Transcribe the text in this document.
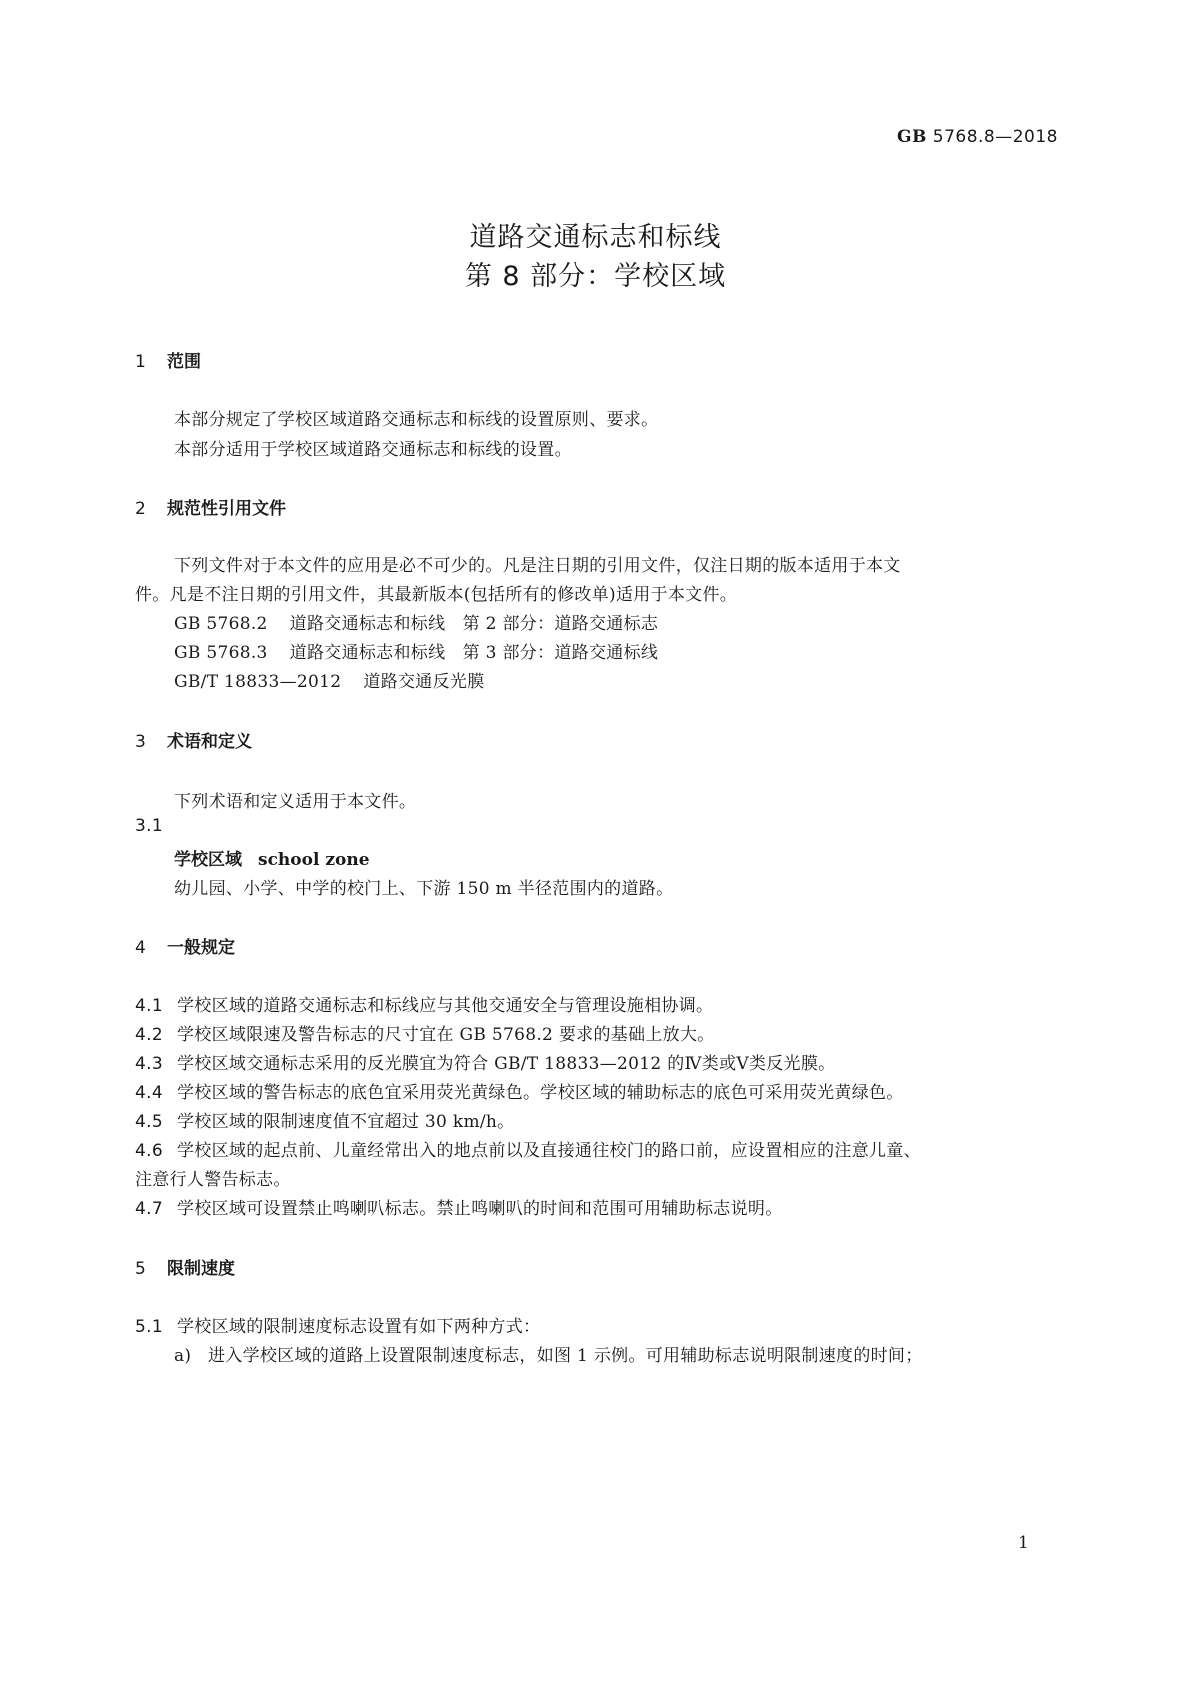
GB 5768.8—2018
道路交通标志和标线
第 8 部分：学校区域
1 范围
本部分规定了学校区域道路交通标志和标线的设置原则、要求。
本部分适用于学校区域道路交通标志和标线的设置。
2 规范性引用文件
下列文件对于本文件的应用是必不可少的。凡是注日期的引用文件，仅注日期的版本适用于本文
件。凡是不注日期的引用文件，其最新版本(包括所有的修改单)适用于本文件。
GB 5768.2 道路交通标志和标线　第 2 部分：道路交通标志
GB 5768.3 道路交通标志和标线　第 3 部分：道路交通标线
GB/T 18833—2012 道路交通反光膜
3 术语和定义
下列术语和定义适用于本文件。
3.1
学校区域 school zone
幼儿园、小学、中学的校门上、下游 150 m 半径范围内的道路。
4 一般规定
4.1 学校区域的道路交通标志和标线应与其他交通安全与管理设施相协调。
4.2 学校区域限速及警告标志的尺寸宜在 GB 5768.2 要求的基础上放大。
4.3 学校区域交通标志采用的反光膜宜为符合 GB/T 18833—2012 的Ⅳ类或Ⅴ类反光膜。
4.4 学校区域的警告标志的底色宜采用荧光黄绿色。学校区域的辅助标志的底色可采用荧光黄绿色。
4.5 学校区域的限制速度值不宜超过 30 km/h。
4.6 学校区域的起点前、儿童经常出入的地点前以及直接通往校门的路口前，应设置相应的注意儿童、
注意行人警告标志。
4.7 学校区域可设置禁止鸣喇叭标志。禁止鸣喇叭的时间和范围可用辅助标志说明。
5 限制速度
5.1 学校区域的限制速度标志设置有如下两种方式：
a) 进入学校区域的道路上设置限制速度标志，如图 1 示例。可用辅助标志说明限制速度的时间；
1
